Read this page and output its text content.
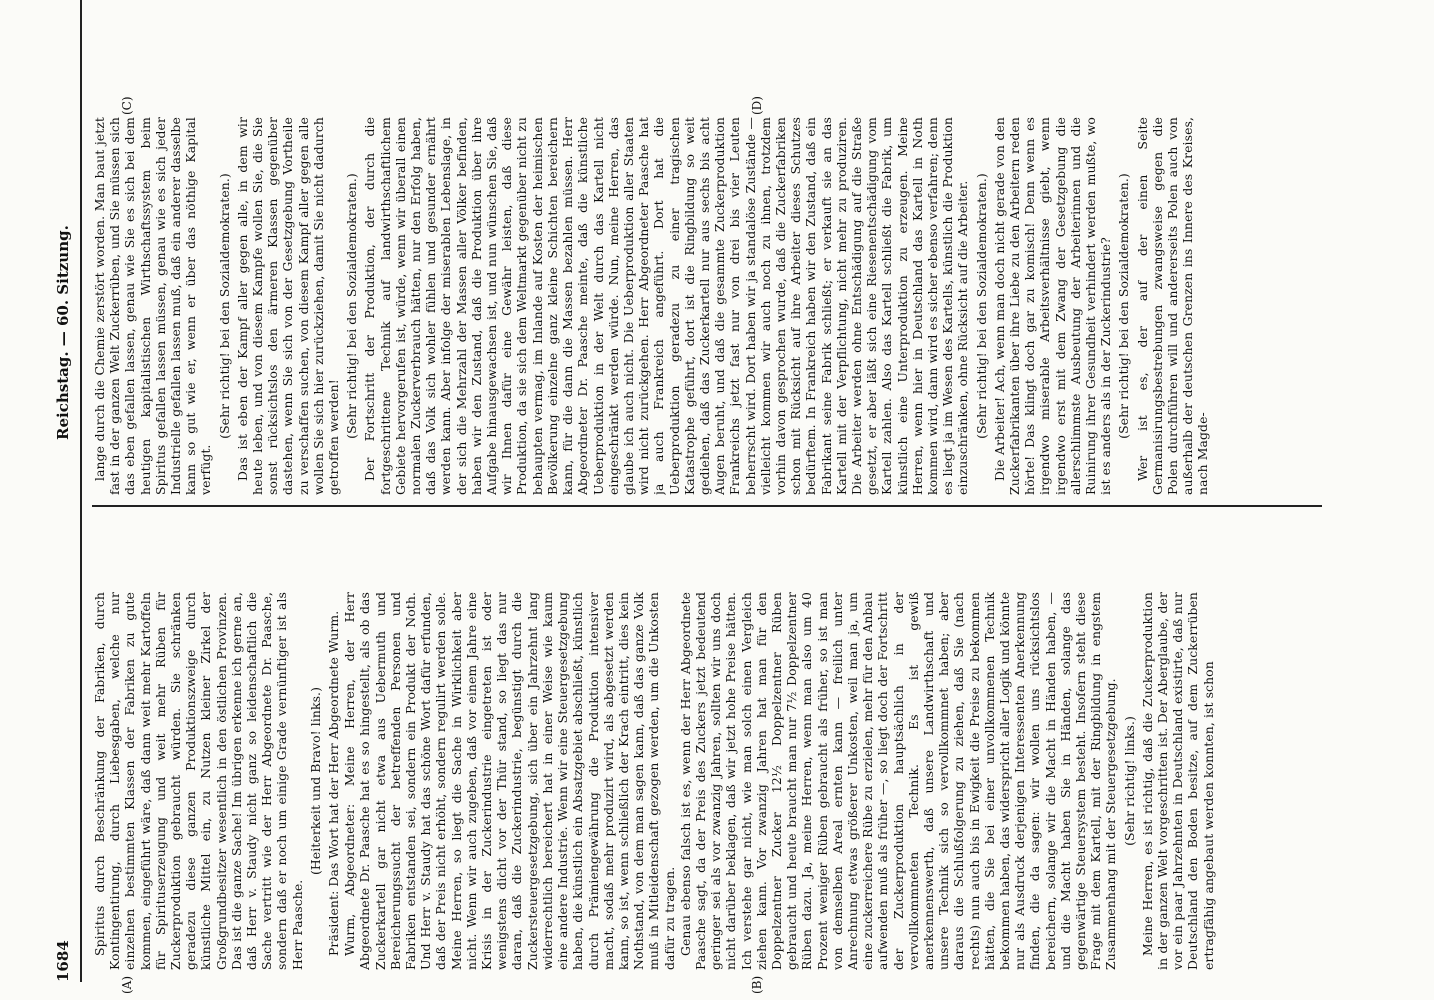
1684
Reichstag. — 60. Sitzung.
(A)	(B)

Spiritus durch Beschränkung der Fabriken, durch Kontingentirung, durch Liebesgaben, welche nur einzelnen bestimmten Klassen der Fabriken zu gute kommen, eingeführt wäre, daß dann weit mehr Kartoffeln für Spirituserzeugung und weit mehr Rüben für Zuckerproduktion gebraucht würden. Sie schränken geradezu diese ganzen Produktionszweige durch künstliche Mittel ein, zu Nutzen kleiner Zirkel der Großgrundbesitzer wesentlich in den östlichen Provinzen. Das ist die ganze Sache! Im übrigen erkenne ich gerne an, daß Herr v. Staudy nicht ganz so leidenschaftlich die Sache vertritt wie der Herr Abgeordnete Dr. Paasche, sondern daß er noch um einige Grade vernünftiger ist als Herr Paasche.

(Heiterkeit und Bravo! links.) Präsident: Das Wort hat der Herr Abgeordnete Wurm. Wurm, Abgeordneter: Meine Herren, der Herr Abgeordnete Dr. Paasche hat es so hingestellt, als ob das Zuckerkartell gar nicht etwa aus Uebermuth und Bereicherungssucht der betreffenden Personen und Fabriken entstanden sei, sondern ein Produkt der Noth. Und Herr v. Staudy hat das schöne Wort dafür erfunden, daß der Preis nicht erhöht, sondern regulirt werden solle. Meine Herren, so liegt die Sache in Wirklichkeit aber nicht. Wenn wir auch zugeben, daß vor einem Jahre eine Krisis in der Zuckerindustrie eingetreten ist oder wenigstens dicht vor der Thür stand, so liegt das nur daran, daß die Zuckerindustrie, begünstigt durch die Zuckersteuergesetzgebung, sich über ein Jahrzehnt lang widerrechtlich bereichert hat in einer Weise wie kaum eine andere Industrie. Wenn wir eine Steuergesetzgebung haben, die künstlich ein Absatzgebiet abschließt, künstlich durch Prämiengewährung die Produktion intensiver macht, sodaß mehr produzirt wird, als abgesetzt werden kann, so ist, wenn schließlich der Krach eintritt, dies kein Nothstand, von dem man sagen kann, daß das ganze Volk muß in Mitleidenschaft gezogen werden, um die Unkosten dafür zu tragen. Genau ebenso falsch ist es, wenn der Herr Abgeordnete Paasche sagt, da der Preis des Zuckers jetzt bedeutend geringer sei als vor zwanzig Jahren, sollten wir uns doch nicht darüber beklagen, daß wir jetzt hohe Preise hätten. Ich verstehe gar nicht, wie man solch einen Vergleich ziehen kann. Vor zwanzig Jahren hat man für den Doppelzentner Zucker 12½ Doppelzentner Rüben gebraucht und heute braucht man nur 7½ Doppelzentner Rüben dazu. Ja, meine Herren, wenn man also um 40 Prozent weniger Rüben gebraucht als früher, so ist man von demselben Areal ernten kann — freilich unter Anrechnung etwas größerer Unkosten, weil man ja, um eine zuckerreichere Rübe zu erzielen, mehr für den Anbau aufwenden muß als früher —, so liegt doch der Fortschritt der Zuckerproduktion hauptsächlich in der vervollkommneten Technik. Es ist gewiß anerkennenswerth, daß unsere Landwirthschaft und unsere Technik sich so vervollkommnet haben; aber daraus die Schlußfolgerung zu ziehen, daß Sie (nach rechts) nun auch bis in Ewigkeit die Preise zu bekommen hätten, die Sie bei einer unvollkommenen Technik bekommen haben, das widerspricht aller Logik und könnte nur als Ausdruck derjenigen Interessenten Anerkennung finden, die da sagen: wir wollen uns rücksichtslos bereichern, solange wir die Macht in Händen haben, — und die Macht haben Sie in Händen, solange das gegenwärtige Steuersystem besteht. Insofern steht diese Frage mit dem Kartell, mit der Ringbildung in engstem Zusammenhang mit der Steuergesetzgebung. (Sehr richtig! links.) Meine Herren, es ist richtig, daß die Zuckerproduktion in der ganzen Welt vorgeschritten ist. Der Aberglaube, der vor ein paar Jahrzehnten in Deutschland existirte, daß nur Deutschland den Boden besitze, auf dem Zuckerrüben ertragfähig angebaut werden konnten, ist schon

lange durch die Chemie zerstört worden. Man baut jetzt fast in der ganzen Welt Zuckerrüben, und Sie müssen sich das eben gefallen lassen, genau wie Sie es sich bei dem heutigen kapitalistischen Wirthschaftssystem beim Spiritus gefallen lassen müssen, genau wie es sich jeder Industrielle gefallen lassen muß, daß ein anderer dasselbe kann so gut wie er, wenn er über das nöthige Kapital verfügt.

(Sehr richtig! bei den Sozialdemokraten.) Das ist eben der Kampf aller gegen alle, in dem wir heute leben, und von diesem Kampfe wollen Sie, die Sie sonst rücksichtslos den ärmeren Klassen gegenüber dastehen, wenn Sie sich von der Gesetzgebung Vortheile zu verschaffen suchen, von diesem Kampf aller gegen alle wollen Sie sich hier zurückziehen, damit Sie nicht dadurch getroffen werden! (Sehr richtig! bei den Sozialdemokraten.) Der Fortschritt der Produktion, der durch die fortgeschrittene Technik auf landwirthschaftlichem Gebiete hervorgerufen ist, würde, wenn wir überall einen normalen Zuckerverbrauch hätten, nur den Erfolg haben, daß das Volk sich wohler fühlen und gesunder ernährt werden kann. Aber infolge der miserablen Lebenslage, in der sich die Mehrzahl der Massen aller Völker befinden, haben wir den Zustand, daß die Produktion über ihre Aufgabe hinausgewachsen ist, und nun wünschen Sie, daß wir Ihnen dafür eine Gewähr leisten, daß diese Produktion, da sie sich dem Weltmarkt gegenüber nicht zu behaupten vermag, im Inlande auf Kosten der heimischen Bevölkerung einzelne ganz kleine Schichten bereichern kann, für die dann die Massen bezahlen müssen. Herr Abgeordneter Dr. Paasche meinte, daß die künstliche Ueberproduktion in der Welt durch das Kartell nicht eingeschränkt werden würde. Nun, meine Herren, das glaube ich auch nicht. Die Ueberproduktion aller Staaten wird nicht zurückgehen. Herr Abgeordneter Paasche hat ja auch Frankreich angeführt. Dort hat die Ueberproduktion geradezu zu einer tragischen Katastrophe geführt, dort ist die Ringbildung so weit gediehen, daß das Zuckerkartell nur aus sechs bis acht Augen beruht, und daß die gesammte Zuckerproduktion Frankreichs jetzt fast nur von drei bis vier Leuten beherrscht wird. Dort haben wir ja standalöse Zustände — vielleicht kommen wir auch noch zu ihnen, trotzdem vorhin davon gesprochen wurde, daß die Zuckerfabriken schon mit Rücksicht auf ihre Arbeiter dieses Schutzes bedürftem. In Frankreich haben wir den Zustand, daß ein Fabrikant seine Fabrik schließt; er verkauft sie an das Kartell mit der Verpflichtung, nicht mehr zu produziren. Die Arbeiter werden ohne Entschädigung auf die Straße gesetzt, er aber läßt sich eine Riesenentschädigung vom Kartell zahlen. Also das Kartell schließt die Fabrik, um künstlich eine Unterproduktion zu erzeugen. Meine Herren, wenn hier in Deutschland das Kartell in Noth kommen wird, dann wird es sicher ebenso verfahren; denn es liegt ja im Wesen des Kartells, künstlich die Produktion einzuschränken, ohne Rücksicht auf die Arbeiter. (Sehr richtig! bei den Sozialdemokraten.) Die Arbeiter! Ach, wenn man doch nicht gerade von den Zuckerfabrikanten über ihre Liebe zu den Arbeitern reden hörte! Das klingt doch gar zu komisch! Denn wenn es irgendwo miserable Arbeitsverhältnisse giebt, wenn irgendwo erst mit dem Zwang der Gesetzgebung die allerschlimmste Ausbeutung der Arbeiterinnen und die Ruinirung ihrer Gesundheit verhindert werden mußte, wo ist es anders als in der Zuckerindustrie? (Sehr richtig! bei den Sozialdemokraten.) Wer ist es, der auf der einen Seite Germanisirungsbestrebungen zwangsweise gegen die Polen durchführen will und andererseits Polen auch von außerhalb der deutschen Grenzen ins Innere des Kreises, nach Magde-

(C)	(D)
